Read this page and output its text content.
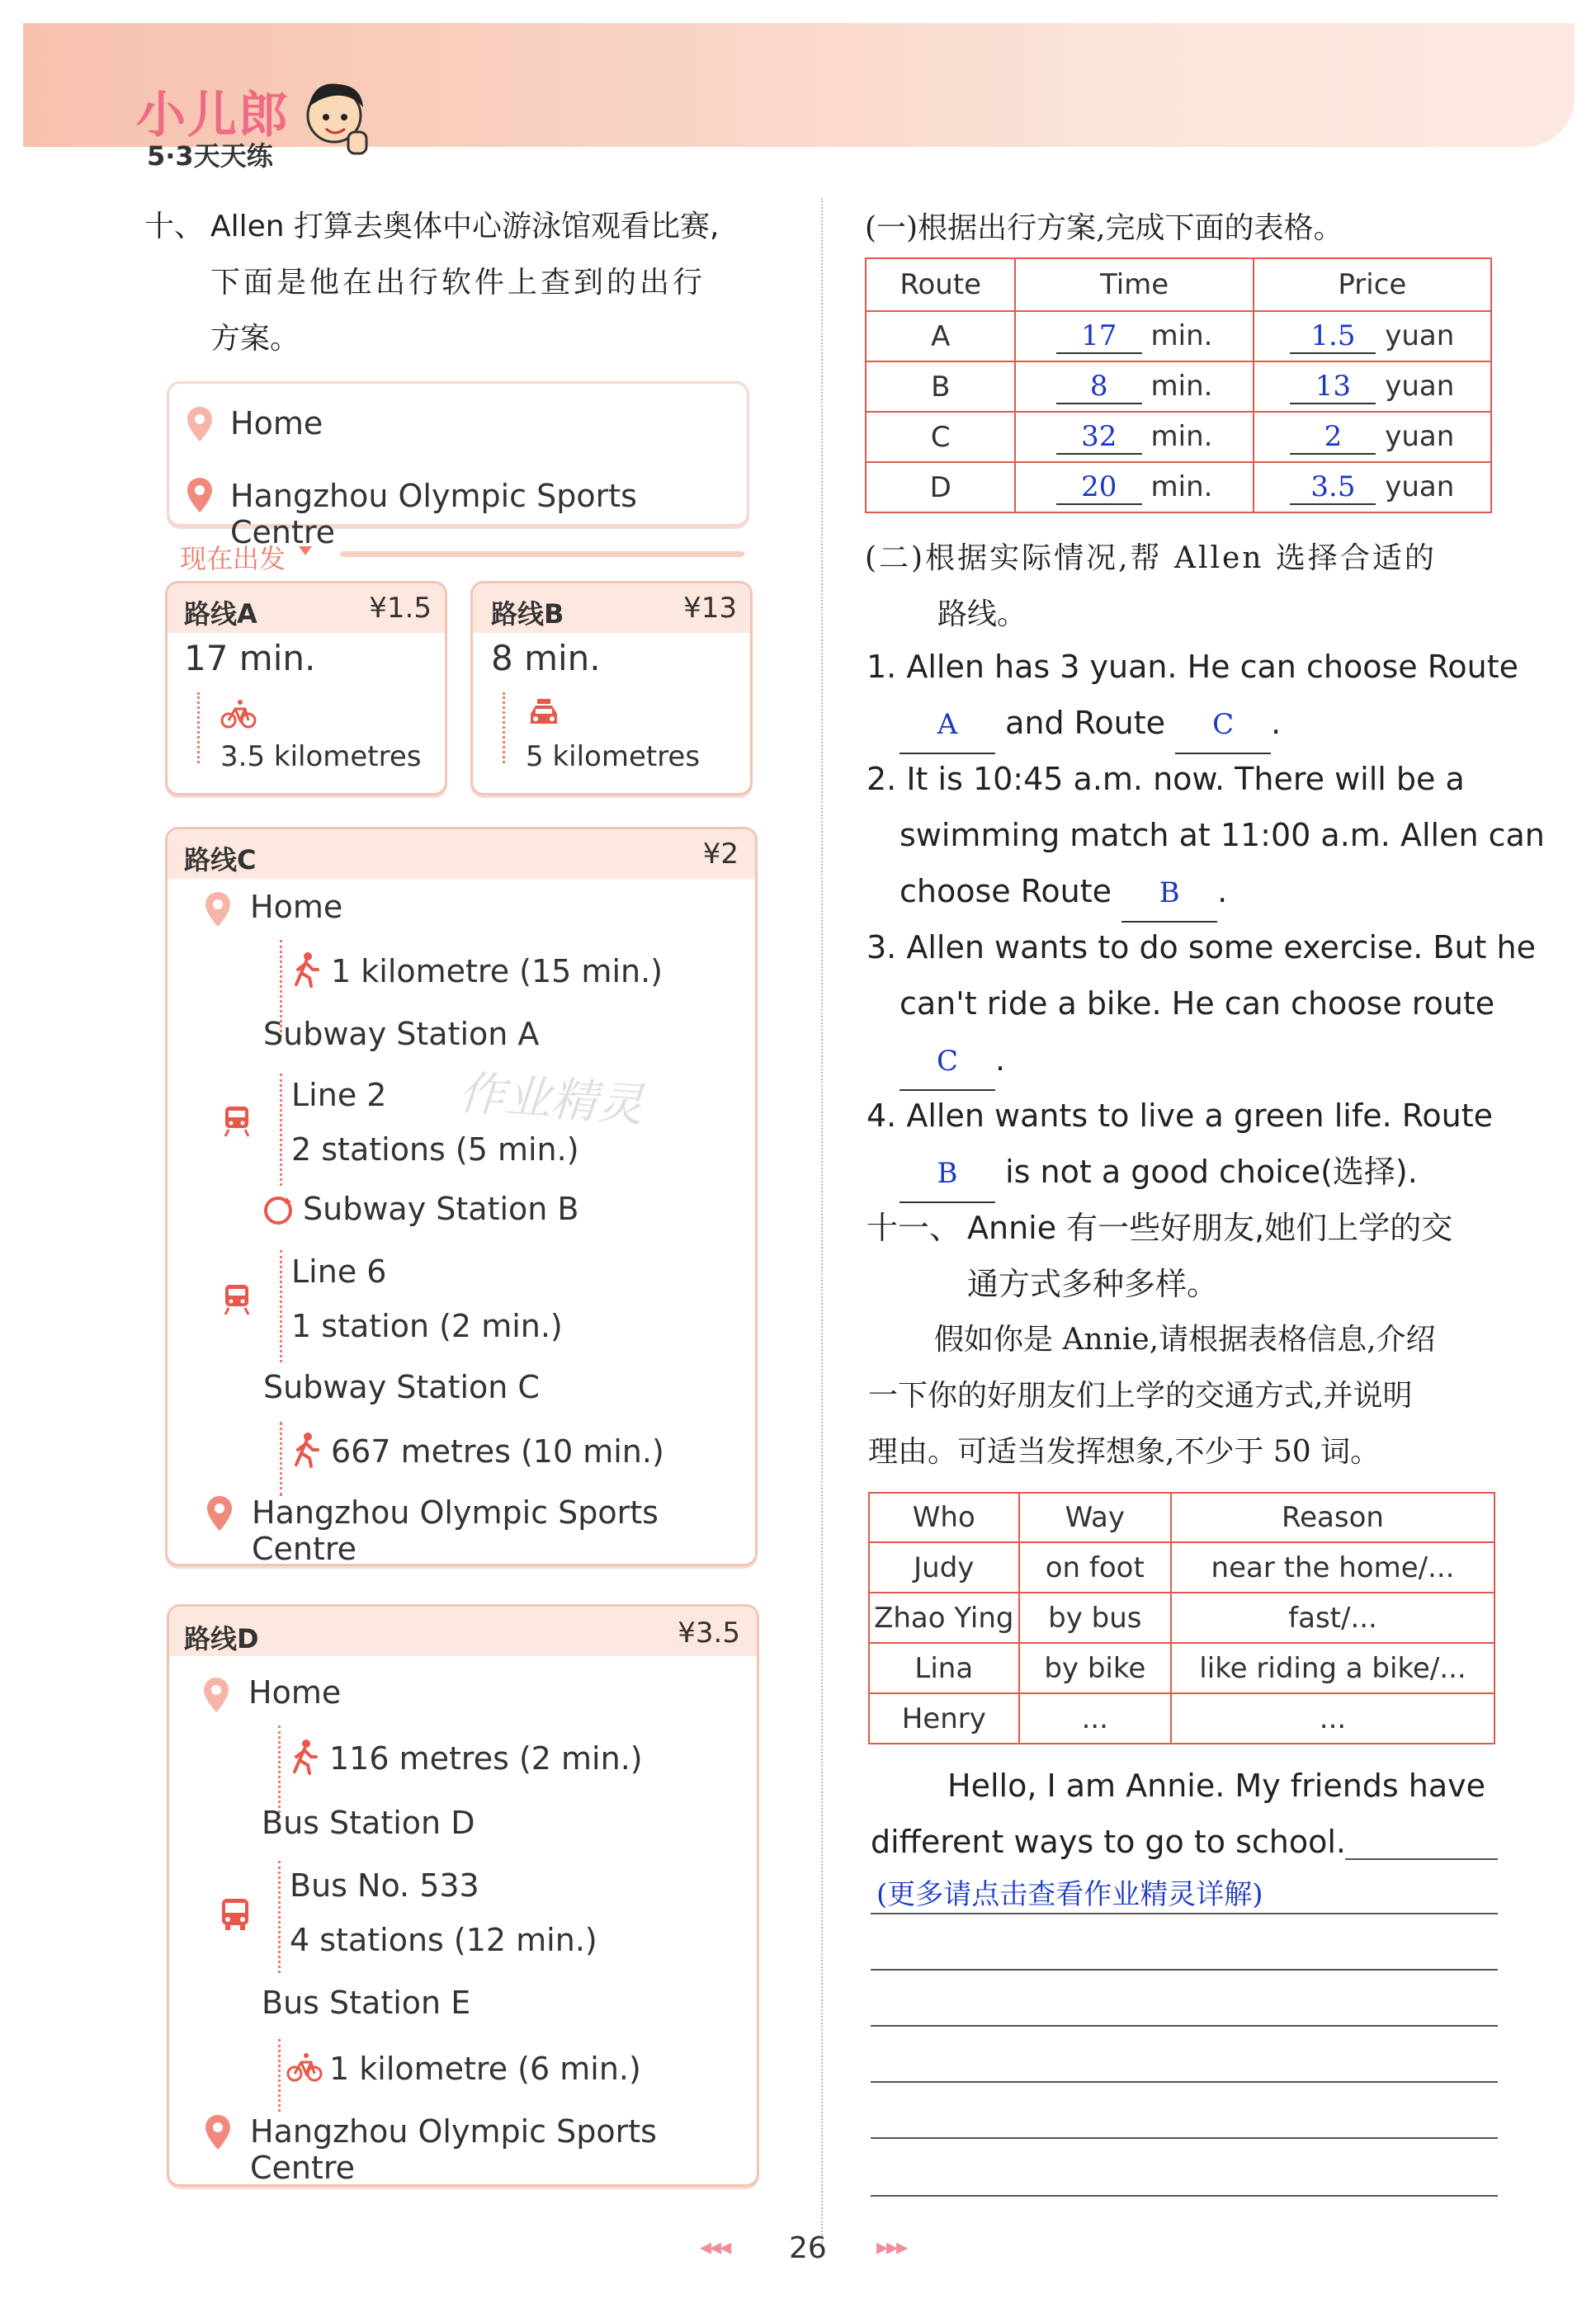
小儿郎
5·3天天练
十、 Allen 打算去奥体中心游泳馆观看比赛,
下面是他在出行软件上查到的出行
方案。
Home
Hangzhou Olympic Sports Centre
现在出发
路线A	¥1.5
17 min.
3.5 kilometres
路线B	¥13
8 min.
5 kilometres
路线C	¥2
Home
1 kilometre (15 min.)
Subway Station A
Line 2
2 stations (5 min.)
Subway Station B
Line 6
1 station (2 min.)
Subway Station C
667 metres (10 min.)
Hangzhou Olympic Sports Centre
作业精灵
路线D	¥3.5
Home
116 metres (2 min.)
Bus Station D
Bus No. 533
4 stations (12 min.)
Bus Station E
1 kilometre (6 min.)
Hangzhou Olympic Sports Centre
(一)根据出行方案,完成下面的表格。
Route	Time	Price
A	17 min.	1.5 yuan
B	8 min.	13 yuan
C	32 min.	2 yuan
D	20 min.	3.5 yuan
(二)根据实际情况,帮 Allen 选择合适的
路线。
1. Allen has 3 yuan. He can choose Route
A and Route C .
2. It is 10:45 a.m. now. There will be a
swimming match at 11:00 a.m. Allen can
choose Route B .
3. Allen wants to do some exercise. But he
can't ride a bike. He can choose route
C .
4. Allen wants to live a green life. Route
B is not a good choice(选择).
十一、 Annie 有一些好朋友,她们上学的交
通方式多种多样。
假如你是 Annie,请根据表格信息,介绍
一下你的好朋友们上学的交通方式,并说明
理由。可适当发挥想象,不少于 50 词。
Who	Way	Reason
Judy	on foot	near the home/...
Zhao Ying	by bus	fast/...
Lina	by bike	like riding a bike/...
Henry	...	...
Hello, I am Annie. My friends have
different ways to go to school.
(更多请点击查看作业精灵详解)
◂◂◂ 26 ▸▸▸
